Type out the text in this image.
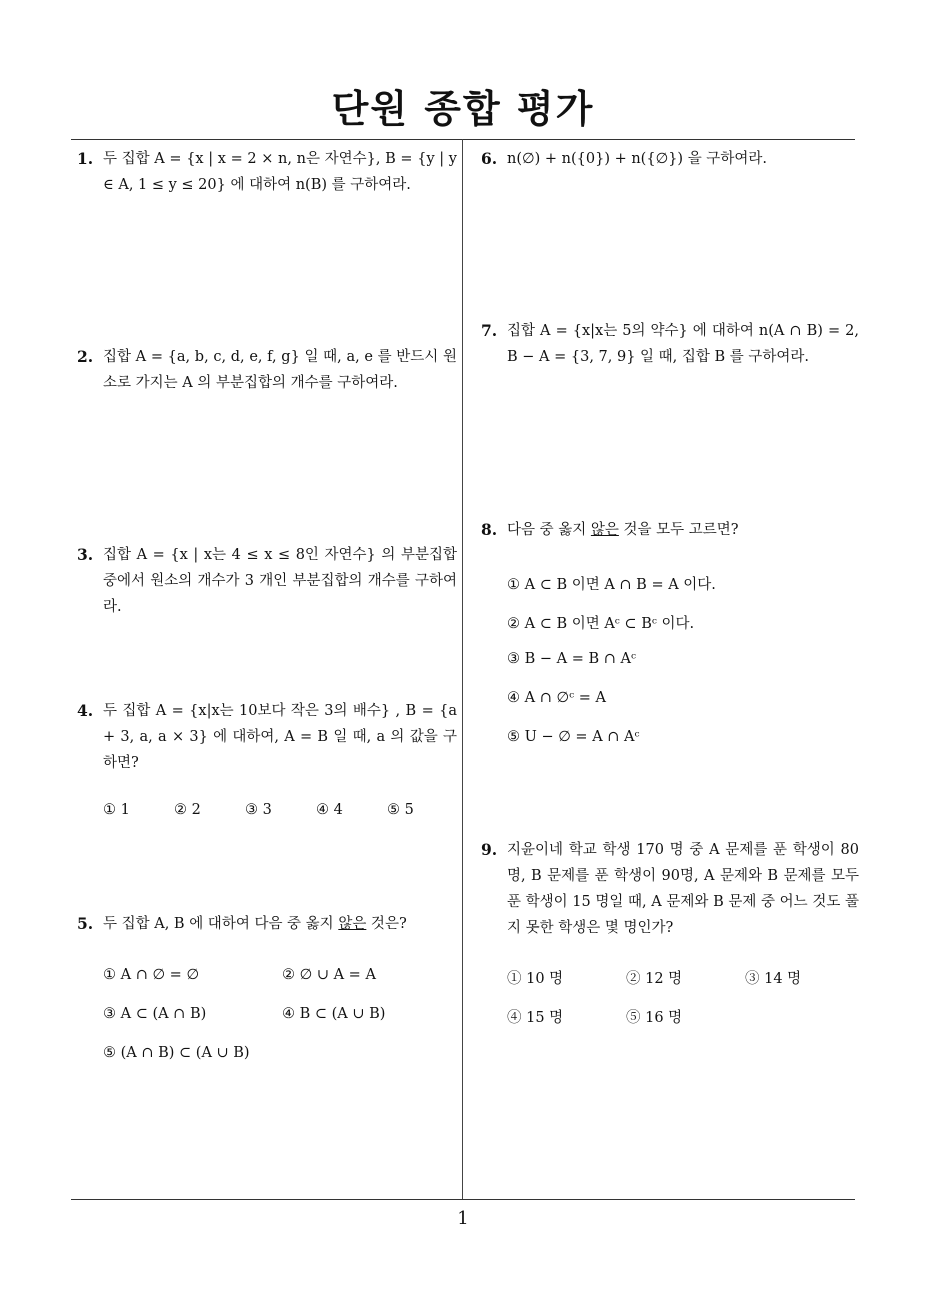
단원 종합 평가
1. 두 집합 A = {x | x = 2 × n, n은 자연수}, B = {y | y ∈ A, 1 ≤ y ≤ 20} 에 대하여 n(B) 를 구하여라.
2. 집합 A = {a, b, c, d, e, f, g} 일 때, a, e 를 반드시 원소로 가지는 A 의 부분집합의 개수를 구하여라.
3. 집합 A = {x | x는 4 ≤ x ≤ 8인 자연수} 의 부분집합 중에서 원소의 개수가 3 개인 부분집합의 개수를 구하여라.
4. 두 집합 A = {x|x는 10보다 작은 3의 배수} , B = {a + 3, a, a × 3} 에 대하여, A = B 일 때, a 의 값을 구하면?
① 1	② 2	③ 3	④ 4	⑤ 5
5. 두 집합 A, B 에 대하여 다음 중 옳지 않은 것은?
① A ∩ ∅ = ∅	② ∅ ∪ A = A
③ A ⊂ (A ∩ B)	④ B ⊂ (A ∪ B)
⑤ (A ∩ B) ⊂ (A ∪ B)
6. n(∅) + n({0}) + n({∅}) 을 구하여라.
7. 집합 A = {x|x는 5의 약수} 에 대하여 n(A ∩ B) = 2, B − A = {3, 7, 9} 일 때, 집합 B 를 구하여라.
8. 다음 중 옳지 않은 것을 모두 고르면?
① A ⊂ B 이면 A ∩ B = A 이다.
② A ⊂ B 이면 Aᶜ ⊂ Bᶜ 이다.
③ B − A = B ∩ Aᶜ
④ A ∩ ∅ᶜ = A
⑤ U − ∅ = A ∩ Aᶜ
9. 지윤이네 학교 학생 170 명 중 A 문제를 푼 학생이 80 명, B 문제를 푼 학생이 90명, A 문제와 B 문제를 모두 푼 학생이 15 명일 때, A 문제와 B 문제 중 어느 것도 풀지 못한 학생은 몇 명인가?
① 10 명	② 12 명	③ 14 명
④ 15 명	⑤ 16 명
1
